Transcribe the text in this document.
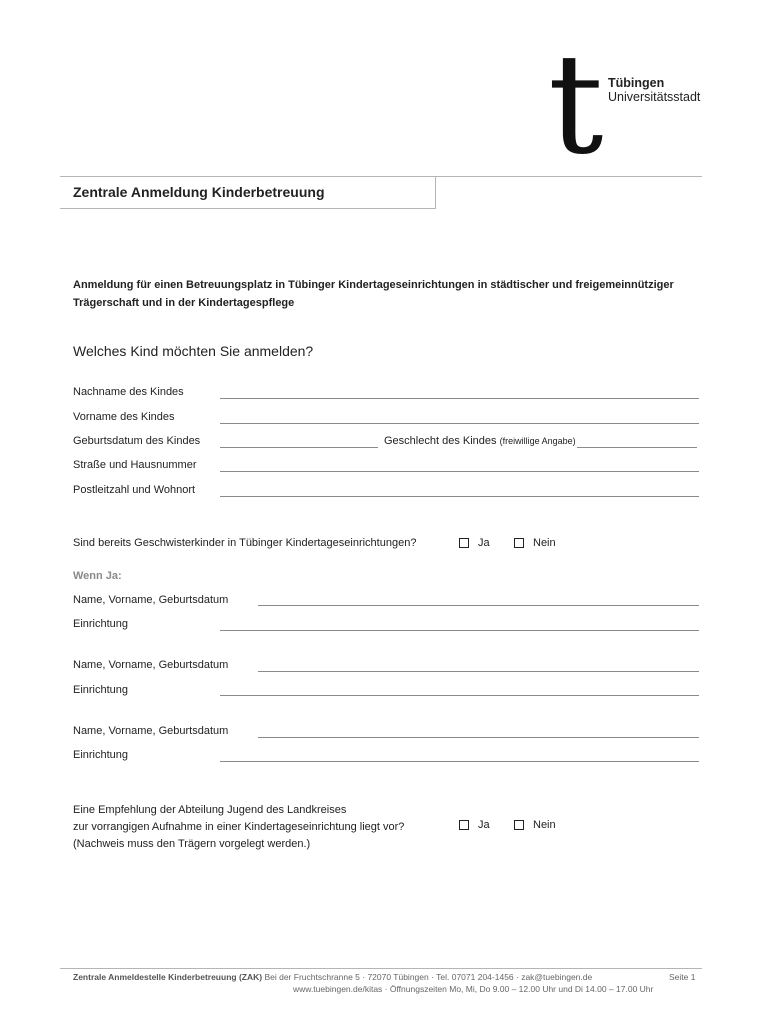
t Tübingen
Universitätsstadt
Zentrale Anmeldung Kinderbetreuung
Anmeldung für einen Betreuungsplatz in Tübinger Kindertageseinrichtungen in städtischer und freigemeinnütziger Trägerschaft und in der Kindertagespflege
Welches Kind möchten Sie anmelden?
Nachname des Kindes
Vorname des Kindes
Geburtsdatum des Kindes	Geschlecht des Kindes (freiwillige Angabe)
Straße und Hausnummer
Postleitzahl und Wohnort
Sind bereits Geschwisterkinder in Tübinger Kindertageseinrichtungen?	Ja	Nein
Wenn Ja:
Name, Vorname, Geburtsdatum
Einrichtung
Name, Vorname, Geburtsdatum
Einrichtung
Name, Vorname, Geburtsdatum
Einrichtung
Eine Empfehlung der Abteilung Jugend des Landkreises
zur vorrangigen Aufnahme in einer Kindertageseinrichtung liegt vor?
(Nachweis muss den Trägern vorgelegt werden.)
Ja	Nein
Zentrale Anmeldestelle Kinderbetreuung (ZAK) Bei der Fruchtschranne 5 · 72070 Tübingen · Tel. 07071 204-1456 · zak@tuebingen.de
www.tuebingen.de/kitas · Öffnungszeiten Mo, Mi, Do 9.00 – 12.00 Uhr und Di 14.00 – 17.00 Uhr
Seite 1
